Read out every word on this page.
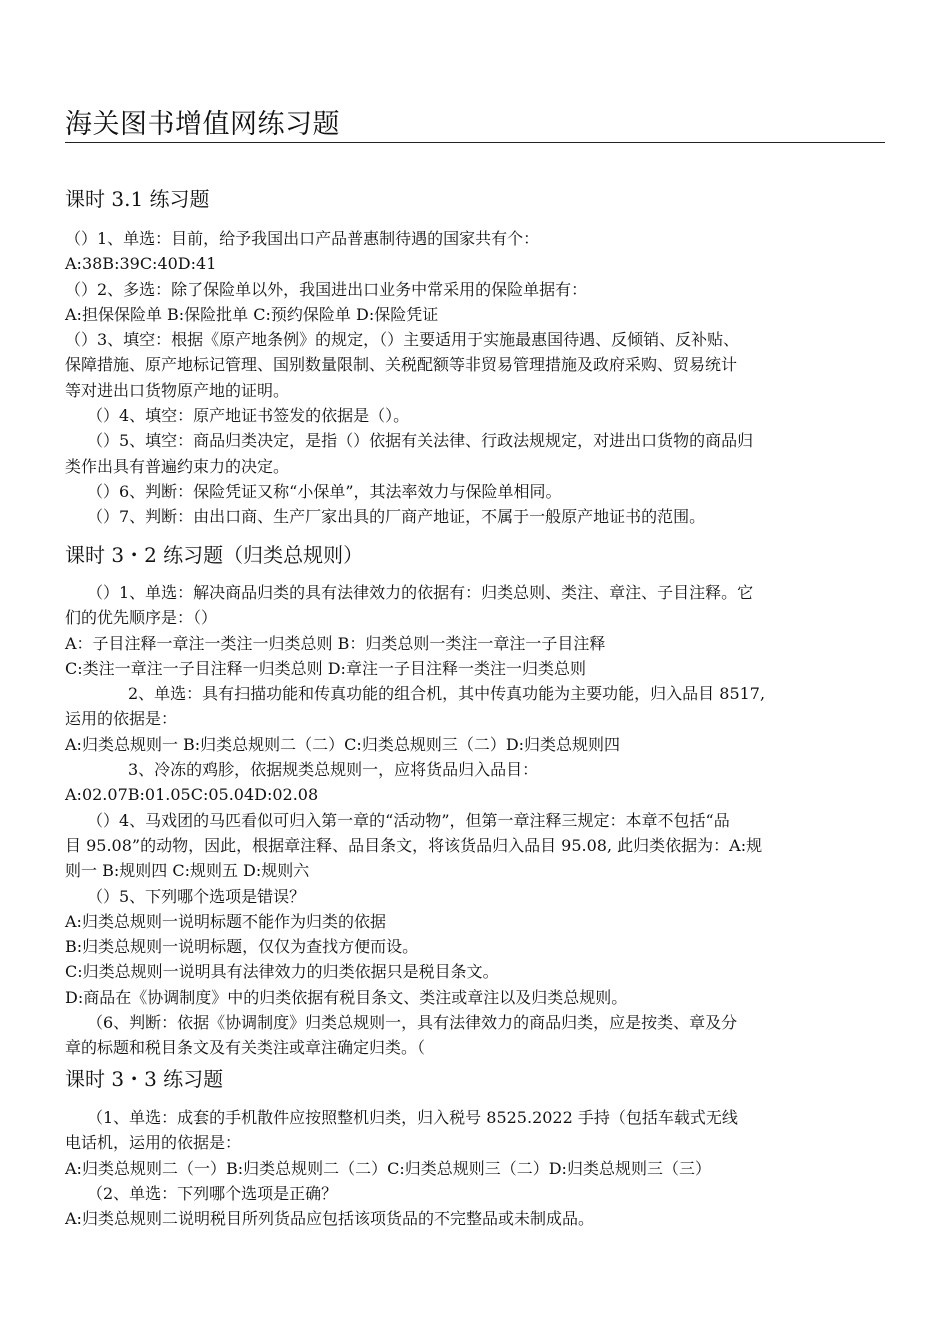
海关图书增值网练习题
课时 3.1 练习题
（）1、单选：目前，给予我国出口产品普惠制待遇的国家共有个：
A:38B:39C:40D:41
（）2、多选：除了保险单以外，我国进出口业务中常采用的保险单据有：
A:担保保险单 B:保险批单 C:预约保险单 D:保险凭证
（）3、填空：根据《原产地条例》的规定，（）主要适用于实施最惠国待遇、反倾销、反补贴、
保障措施、原产地标记管理、国别数量限制、关税配额等非贸易管理措施及政府采购、贸易统计
等对进出口货物原产地的证明。
（）4、填空：原产地证书签发的依据是（）。
（）5、填空：商品归类决定，是指（）依据有关法律、行政法规规定，对进出口货物的商品归
类作出具有普遍约束力的决定。
（）6、判断：保险凭证又称“小保单”，其法率效力与保险单相同。
（）7、判断：由出口商、生产厂家出具的厂商产地证，不属于一般原产地证书的范围。
课时 3・2 练习题（归类总规则）
（）1、单选：解决商品归类的具有法律效力的依据有：归类总则、类注、章注、子目注释。它
们的优先顺序是：（）
A：子目注释一章注一类注一归类总则 B：归类总则一类注一章注一子目注释
C:类注一章注一子目注释一归类总则 D:章注一子目注释一类注一归类总则
2、单选：具有扫描功能和传真功能的组合机，其中传真功能为主要功能，归入品目 8517,
运用的依据是：
A:归类总规则一 B:归类总规则二（二）C:归类总规则三（二）D:归类总规则四
3、冷冻的鸡胗，依据规类总规则一，应将货品归入品目：
A:02.07B:01.05C:05.04D:02.08
（）4、马戏团的马匹看似可归入第一章的“活动物”，但第一章注释三规定：本章不包括“品
目 95.08”的动物，因此，根据章注释、品目条文，将该货品归入品目 95.08, 此归类依据为：A:规
则一 B:规则四 C:规则五 D:规则六
（）5、下列哪个选项是错误？
A:归类总规则一说明标题不能作为归类的依据
B:归类总规则一说明标题，仅仅为查找方便而设。
C:归类总规则一说明具有法律效力的归类依据只是税目条文。
D:商品在《协调制度》中的归类依据有税目条文、类注或章注以及归类总规则。
（6、判断：依据《协调制度》归类总规则一，具有法律效力的商品归类，应是按类、章及分
章的标题和税目条文及有关类注或章注确定归类。（
课时 3・3 练习题
（1、单选：成套的手机散件应按照整机归类，归入税号 8525.2022 手持（包括车载式无线
电话机，运用的依据是：
A:归类总规则二（一）B:归类总规则二（二）C:归类总规则三（二）D:归类总规则三（三）
（2、单选：下列哪个选项是正确？
A:归类总规则二说明税目所列货品应包括该项货品的不完整品或未制成品。
